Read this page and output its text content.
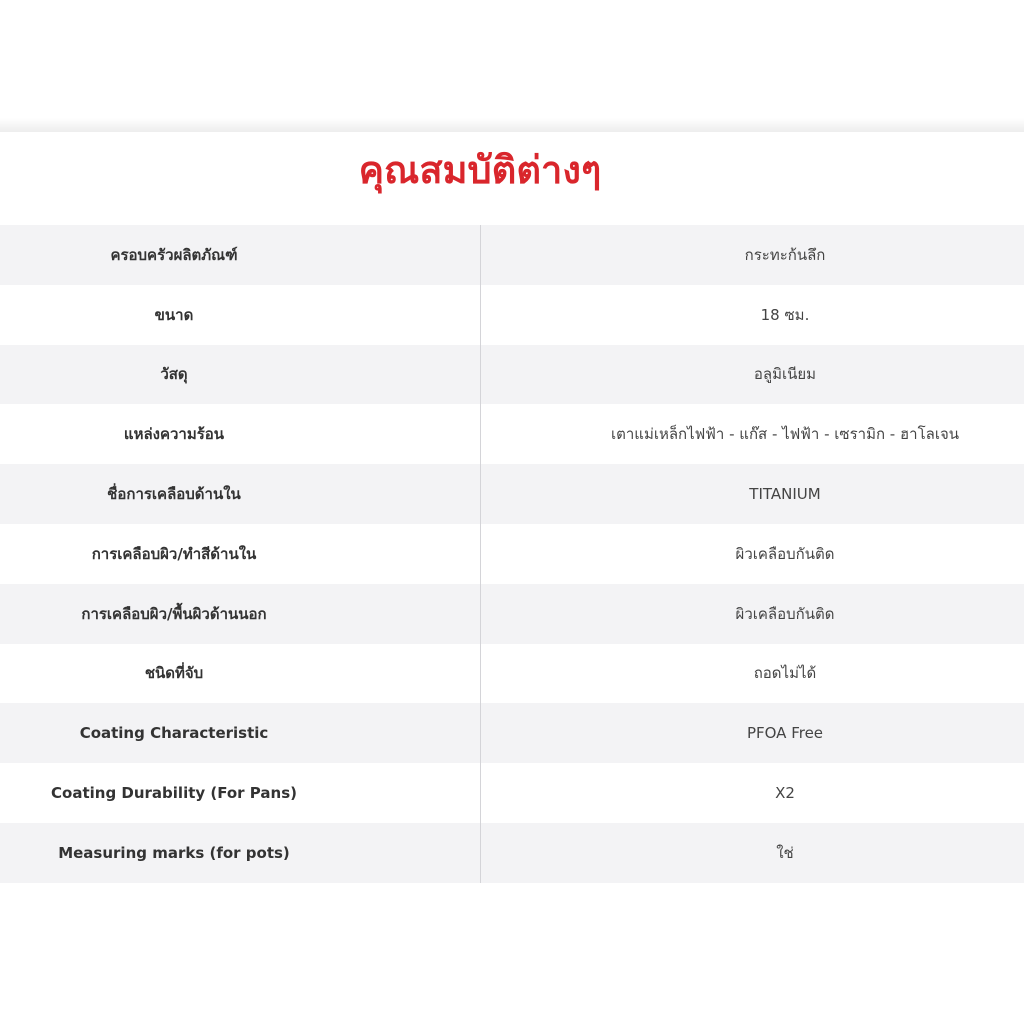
คุณสมบัติต่างๆ
ครอบครัวผลิตภัณฑ์	กระทะก้นลึก
ขนาด	18 ซม.
วัสดุ	อลูมิเนียม
แหล่งความร้อน	เตาแม่เหล็กไฟฟ้า - แก๊ส - ไฟฟ้า - เซรามิก - ฮาโลเจน
ชื่อการเคลือบด้านใน	TITANIUM
การเคลือบผิว/ทำสีด้านใน	ผิวเคลือบกันติด
การเคลือบผิว/พื้นผิวด้านนอก	ผิวเคลือบกันติด
ชนิดที่จับ	ถอดไม่ได้
Coating Characteristic	PFOA Free
Coating Durability (For Pans)	X2
Measuring marks (for pots)	ใช่
